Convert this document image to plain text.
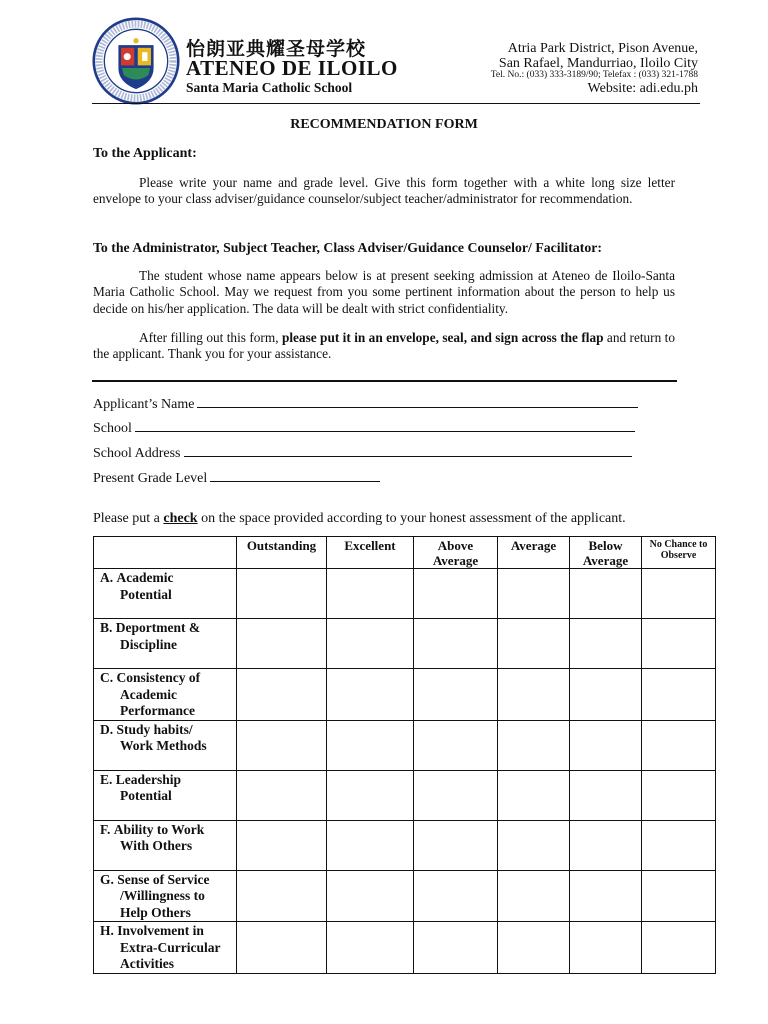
怡朗亚典耀圣母学校
ATENEO DE ILOILO
Santa Maria Catholic School
Atria Park District, Pison Avenue,
San Rafael, Mandurriao, Iloilo City
Tel. No.: (033) 333-3189/90; Telefax : (033) 321-1788
Website: adi.edu.ph
RECOMMENDATION FORM
To the Applicant:
Please write your name and grade level. Give this form together with a white long size letter envelope to your class adviser/guidance counselor/subject teacher/administrator for recommendation.
To the Administrator, Subject Teacher, Class Adviser/Guidance Counselor/ Facilitator:
The student whose name appears below is at present seeking admission at Ateneo de Iloilo-Santa Maria Catholic School. May we request from you some pertinent information about the person to help us decide on his/her application. The data will be dealt with strict confidentiality.
After filling out this form, please put it in an envelope, seal, and sign across the flap and return to the applicant. Thank you for your assistance.
Applicant’s Name
School
School Address
Present Grade Level
Please put a check on the space provided according to your honest assessment of the applicant.
	Outstanding	Excellent	Above Average	Average	Below Average	No Chance to Observe

A. Academic
Potential						

B. Deportment &
Discipline						

C. Consistency of
Academic
Performance						

D. Study habits/
Work Methods						

E. Leadership
Potential						

F. Ability to Work
With Others						

G. Sense of Service
/Willingness to
Help Others						

H. Involvement in
Extra-Curricular
Activities						
